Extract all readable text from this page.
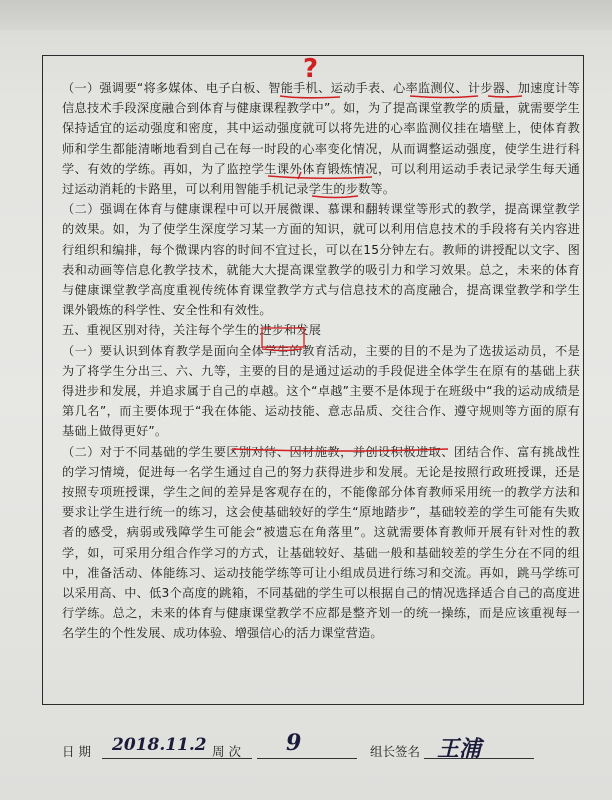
（一）强调要“将多媒体、电子白板、智能手机、运动手表、心率监测仪、计步器、加速度计等信息技术手段深度融合到体育与健康课程教学中”。如，为了提高课堂教学的质量，就需要学生保持适宜的运动强度和密度，其中运动强度就可以将先进的心率监测仪挂在墙壁上，使体育教师和学生都能清晰地看到自己在每一时段的心率变化情况，从而调整运动强度，使学生进行科学、有效的学练。再如，为了监控学生课外体育锻炼情况，可以利用运动手表记录学生每天通过运动消耗的卡路里，可以利用智能手机记录学生的步数等。

（二）强调在体育与健康课程中可以开展微课、慕课和翻转课堂等形式的教学，提高课堂教学的效果。如，为了使学生深度学习某一方面的知识，就可以利用信息技术的手段将有关内容进行组织和编排，每个微课内容的时间不宜过长，可以在15分钟左右。教师的讲授配以文字、图表和动画等信息化教学技术，就能大大提高课堂教学的吸引力和学习效果。总之，未来的体育与健康课堂教学高度重视传统体育课堂教学方式与信息技术的高度融合，提高课堂教学和学生课外锻炼的科学性、安全性和有效性。

五、重视区别对待，关注每个学生的进步和发展

（一）要认识到体育教学是面向全体学生的教育活动，主要的目的不是为了选拔运动员，不是为了将学生分出三、六、九等，主要的目的是通过运动的手段促进全体学生在原有的基础上获得进步和发展，并追求属于自己的卓越。这个“卓越”主要不是体现于在班级中“我的运动成绩是第几名”，而主要体现于“我在体能、运动技能、意志品质、交往合作、遵守规则等方面的原有基础上做得更好”。

（二）对于不同基础的学生要区别对待、因材施教，并创设积极进取、团结合作、富有挑战性的学习情境，促进每一名学生通过自己的努力获得进步和发展。无论是按照行政班授课，还是按照专项班授课，学生之间的差异是客观存在的，不能像部分体育教师采用统一的教学方法和要求让学生进行统一的练习，这会使基础较好的学生“原地踏步”，基础较差的学生可能有失败者的感受，病弱或残障学生可能会“被遗忘在角落里”。这就需要体育教师开展有针对性的教学，如，可采用分组合作学习的方式，让基础较好、基础一般和基础较差的学生分在不同的组中，准备活动、体能练习、运动技能学练等可让小组成员进行练习和交流。再如，跳马学练可以采用高、中、低3个高度的跳箱，不同基础的学生可以根据自己的情况选择适合自己的高度进行学练。总之，未来的体育与健康课堂教学不应都是整齐划一的统一操练，而是应该重视每一名学生的个性发展、成功体验、增强信心的活力课堂营造。

?
日 期 2018.11.2 周 次 9	组长签名 王浦
